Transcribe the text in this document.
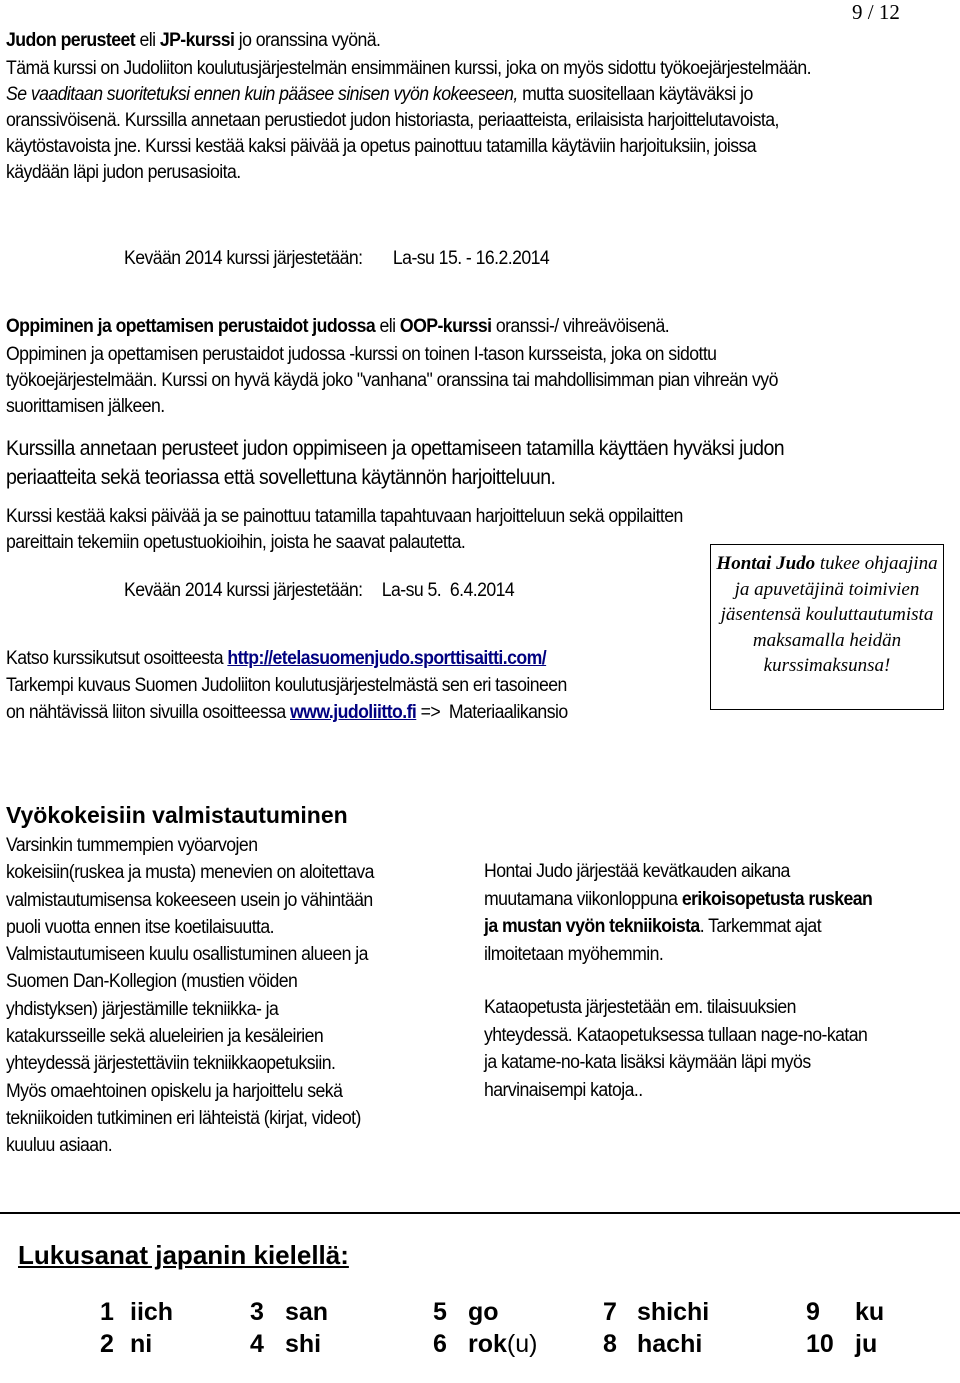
9 / 12

Judon perusteet eli JP-kurssi jo oranssina vyönä.

Tämä kurssi on Judoliiton koulutusjärjestelmän ensimmäinen kurssi, joka on myös sidottu työkoejärjestelmään. Se vaaditaan suoritetuksi ennen kuin pääsee sinisen vyön kokeeseen, mutta suositellaan käytäväksi jo oranssivöisenä. Kurssilla annetaan perustiedot judon historiasta, periaatteista, erilaisista harjoittelutavoista, käytöstavoista jne. Kurssi kestää kaksi päivää ja opetus painottuu tatamilla käytäviin harjoituksiin, joissa käydään läpi judon perusasioita.

Kevään 2014 kurssi järjestetään: La-su 15. - 16.2.2014

Oppiminen ja opettamisen perustaidot judossa eli OOP-kurssi oranssi-/ vihreävöisenä.

Oppiminen ja opettamisen perustaidot judossa -kurssi on toinen I-tason kursseista, joka on sidottu työkoejärjestelmään. Kurssi on hyvä käydä joko "vanhana" oranssina tai mahdollisimman pian vihreän vyö suorittamisen jälkeen.

Kurssilla annetaan perusteet judon oppimiseen ja opettamiseen tatamilla käyttäen hyväksi judon periaatteita sekä teoriassa että sovellettuna käytännön harjoitteluun.

Kurssi kestää kaksi päivää ja se painottuu tatamilla tapahtuvaan harjoitteluun sekä oppilaitten
pareittain tekemiin opetustuokioihin, joista he saavat palautetta.

Kevään 2014 kurssi järjestetään: La-su 5.  6.4.2014

Katso kurssikutsut osoitteesta http://etelasuomenjudo.sporttisaitti.com/

Tarkempi kuvaus Suomen Judoliiton koulutusjärjestelmästä sen eri tasoineen

on nähtävissä liiton sivuilla osoitteessa www.judoliitto.fi =>  Materiaalikansio

Hontai Judo tukee ohjaajina ja apuvetäjinä toimivien jäsentensä kouluttautumista maksamalla heidän kurssimaksunsa!
Vyökokeisiin valmistautuminen
Varsinkin tummempien vyöarvojen kokeisiin(ruskea ja musta) menevien on aloitettava valmistautumisensa kokeeseen usein jo vähintään puoli vuotta ennen itse koetilaisuutta. Valmistautumiseen kuulu osallistuminen alueen ja Suomen Dan-Kollegion (mustien vöiden yhdistyksen) järjestämille tekniikka- ja katakursseille sekä alueleirien ja kesäleirien yhteydessä järjestettäviin tekniikkaopetuksiin. Myös omaehtoinen opiskelu ja harjoittelu sekä tekniikoiden tutkiminen eri lähteistä (kirjat, videot) kuuluu asiaan.

Hontai Judo järjestää kevätkauden aikana muutamana viikonloppuna erikoisopetusta ruskean ja mustan vyön tekniikoista. Tarkemmat ajat ilmoitetaan myöhemmin.

Kataopetusta järjestetään em. tilaisuuksien yhteydessä. Kataopetuksessa tullaan nage-no-katan ja katame-no-kata lisäksi käymään läpi myös harvinaisempi katoja..

Lukusanat japanin kielellä:
1 iich	3 san	5 go	7 shichi	9 ku
2 ni	4 shi	6 rok(u)	8 hachi	10 ju
